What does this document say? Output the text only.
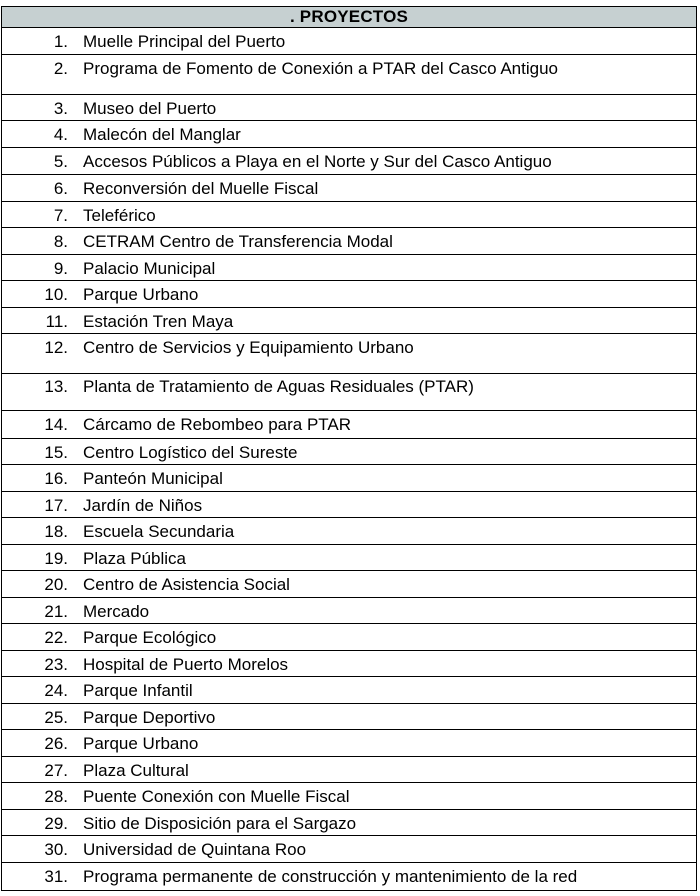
. PROYECTOS
1. Muelle Principal del Puerto
2. Programa de Fomento de Conexión a PTAR del Casco Antiguo
3. Museo del Puerto
4. Malecón del Manglar
5. Accesos Públicos a Playa en el Norte y Sur del Casco Antiguo
6. Reconversión del Muelle Fiscal
7. Teleférico
8. CETRAM Centro de Transferencia Modal
9. Palacio Municipal
10. Parque Urbano
11. Estación Tren Maya
12. Centro de Servicios y Equipamiento Urbano
13. Planta de Tratamiento de Aguas Residuales (PTAR)
14. Cárcamo de Rebombeo para PTAR
15. Centro Logístico del Sureste
16. Panteón Municipal
17. Jardín de Niños
18. Escuela Secundaria
19. Plaza Pública
20. Centro de Asistencia Social
21. Mercado
22. Parque Ecológico
23. Hospital de Puerto Morelos
24. Parque Infantil
25. Parque Deportivo
26. Parque Urbano
27. Plaza Cultural
28. Puente Conexión con Muelle Fiscal
29. Sitio de Disposición para el Sargazo
30. Universidad de Quintana Roo
31. Programa permanente de construcción y mantenimiento de la red
